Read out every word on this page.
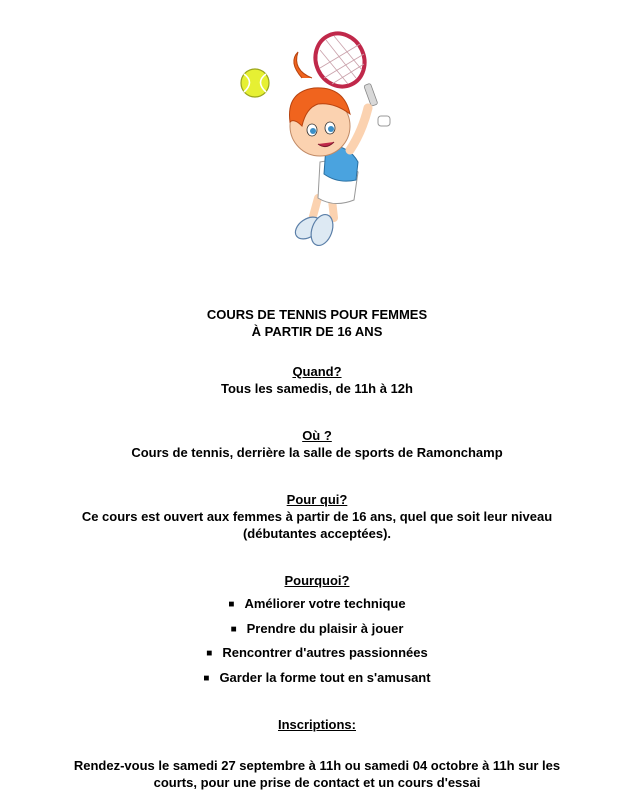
COURS DE TENNIS POUR FEMMES
À PARTIR DE 16 ANS
Quand?
Tous les samedis, de 11h à 12h
Où ?
Cours de tennis, derrière la salle de sports de Ramonchamp
Pour qui?
Ce cours est ouvert aux femmes à partir de 16 ans, quel que soit leur niveau
(débutantes acceptées).
Pourquoi?
■ Améliorer votre technique
■ Prendre du plaisir à jouer
■ Rencontrer d'autres passionnées
■ Garder la forme tout en s'amusant
Inscriptions:
Rendez-vous le samedi 27 septembre à 11h ou samedi 04 octobre à 11h sur les
courts, pour une prise de contact et un cours d'essai
